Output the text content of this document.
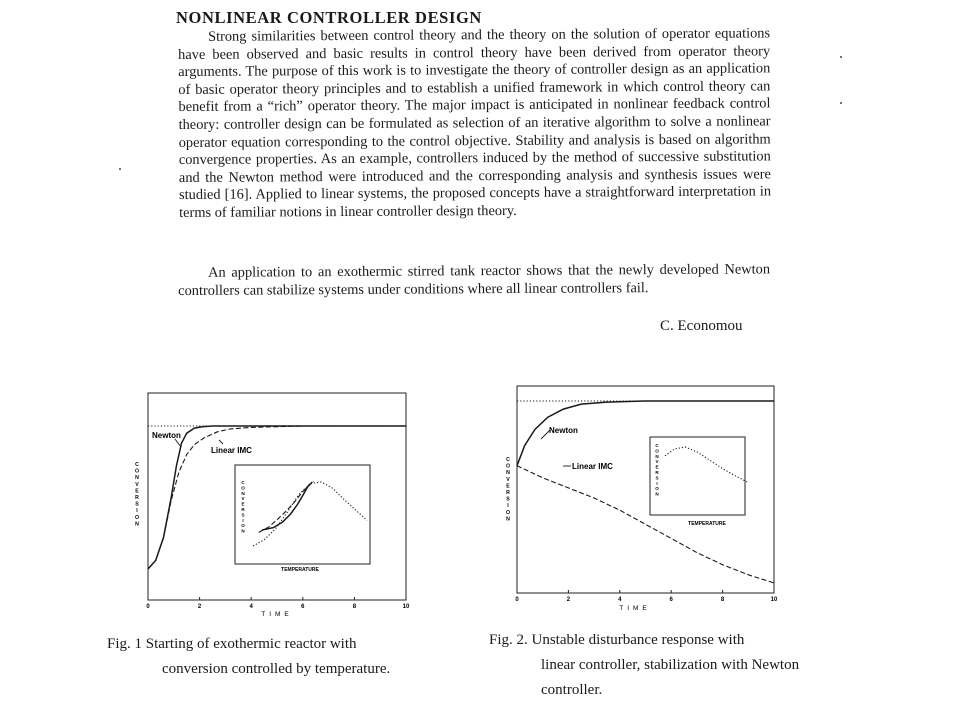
NONLINEAR CONTROLLER DESIGN

Strong similarities between control theory and the theory on the solution of operator equations have been observed and basic results in control theory have been derived from operator theory arguments. The purpose of this work is to investigate the theory of controller design as an application of basic operator theory principles and to establish a unified framework in which control theory can benefit from a “rich” operator theory. The major impact is anticipated in nonlinear feedback control theory: controller design can be formulated as selection of an iterative algorithm to solve a nonlinear operator equation corresponding to the control objective. Stability and analysis is based on algorithm convergence properties. As an example, controllers induced by the method of successive substitution and the Newton method were introduced and the corresponding analysis and synthesis issues were studied [16]. Applied to linear systems, the proposed concepts have a straightforward interpretation in terms of familiar notions in linear controller design theory.

An application to an exothermic stirred tank reactor shows that the newly developed Newton controllers can stabilize systems under conditions where all linear controllers fail.

C. Economou
C
O
N
V
E
R
S
I
O
N
0	2	4	6	8	10
TIME
Newton
Linear IMC
C
O
N
V
E
R
S
I
O
N
TEMPERATURE
C
O
N
V
E
R
S
I
O
N
0	2	4	6	8	10
TIME
Newton
Linear IMC
C
O
N
V
E
R
S
I
O
N
TEMPERATURE
Fig. 1 Starting of exothermic reactor with
conversion controlled by temperature.
Fig. 2. Unstable disturbance response with
linear controller, stabilization with Newton
controller.
